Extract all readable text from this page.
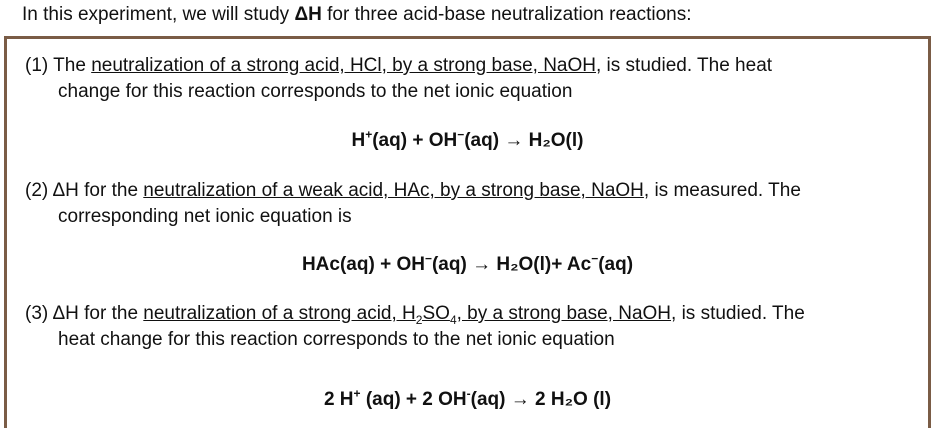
In this experiment, we will study ΔH for three acid-base neutralization reactions:
(1) The neutralization of a strong acid, HCl, by a strong base, NaOH, is studied. The heat
change for this reaction corresponds to the net ionic equation
H+(aq) + OH−(aq) → H₂O(l)
(2) ΔH for the neutralization of a weak acid, HAc, by a strong base, NaOH, is measured. The
corresponding net ionic equation is
HAc(aq) + OH−(aq) → H₂O(l)+ Ac−(aq)
(3) ΔH for the neutralization of a strong acid, $H_2SO_4$, by a strong base, NaOH, is studied. The
heat change for this reaction corresponds to the net ionic equation
2 H+ (aq) + 2 OH-(aq) → 2 H₂O (l)
